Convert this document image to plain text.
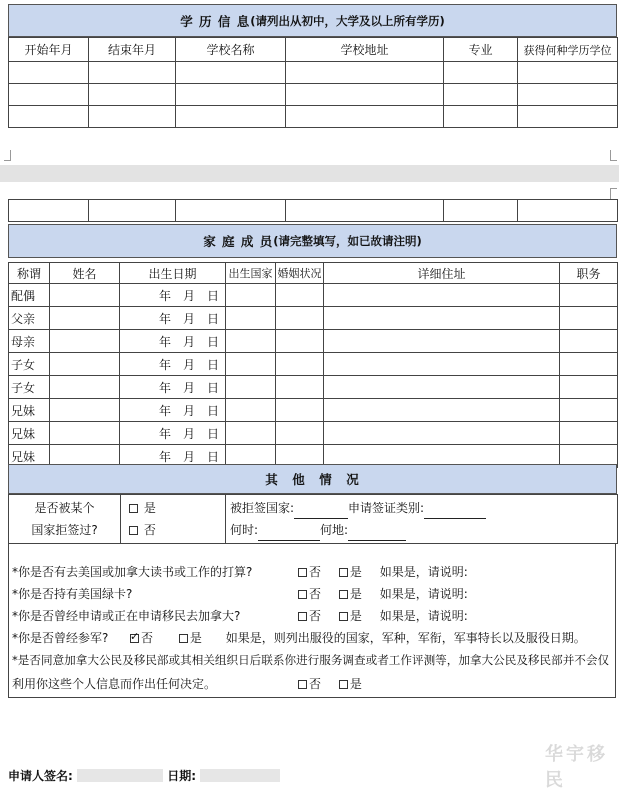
学 历 信 息 (请列出从初中，大学及以上所有学历)
开始年月	结束年月	学校名称	学校地址	专业	获得何种学历学位

家 庭 成 员 (请完整填写，如已故请注明)
称谓	姓名	出生日期	出生国家	婚姻状况	详细住址	职务
配偶		年　月　日				
父亲		年　月　日				
母亲		年　月　日				
子女		年　月　日				
子女		年　月　日				
兄妹		年　月　日				
兄妹		年　月　日				
兄妹		年　月　日				
其　他　情　况
是否被某个
国家拒签过?

是
否

被拒签国家:	申请签证类别:
何时:	何地:
*你是否有去美国或加拿大读书或工作的打算?	否 是 如果是，请说明:
*你是否持有美国绿卡?	否 是 如果是，请说明:
*你是否曾经申请或正在申请移民去加拿大?	否 是 如果是，请说明:
*你是否曾经参军? ✓	否	是 如果是，则列出服役的国家，军种，军衔，军事特长以及服役日期。
*是否同意加拿大公民及移民部或其相关组织日后联系你进行服务调查或者工作评测等，加拿大公民及移民部并不会仅
利用你这些个人信息而作出任何决定。	否 是
华宇移民
申请人签名:	日期:
